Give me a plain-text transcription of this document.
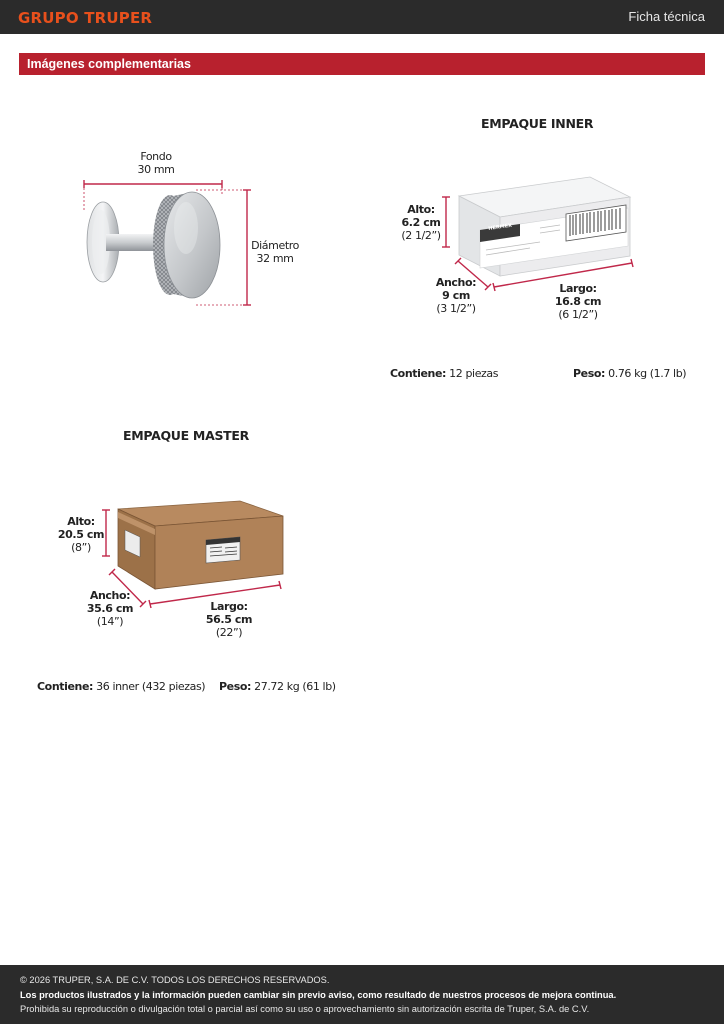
GRUPO TRUPER	Ficha técnica
Imágenes complementarias
HERMEX
Fondo
30 mm
Diámetro
32 mm
EMPAQUE INNER
Alto:
6.2 cm
(2 1/2”)
Ancho:
9 cm
(3 1/2”)
Largo:
16.8 cm
(6 1/2”)
Contiene: 12 piezas	Peso: 0.76 kg (1.7 lb)
EMPAQUE MASTER
Alto:
20.5 cm
(8”)
Ancho:
35.6 cm
(14”)
Largo:
56.5 cm
(22”)
Contiene: 36 inner (432 piezas) Peso: 27.72 kg (61 lb)
© 2026 TRUPER, S.A. DE C.V. TODOS LOS DERECHOS RESERVADOS.
Los productos ilustrados y la información pueden cambiar sin previo aviso, como resultado de nuestros procesos de mejora continua.
Prohibida su reproducción o divulgación total o parcial así como su uso o aprovechamiento sin autorización escrita de Truper, S.A. de C.V.
